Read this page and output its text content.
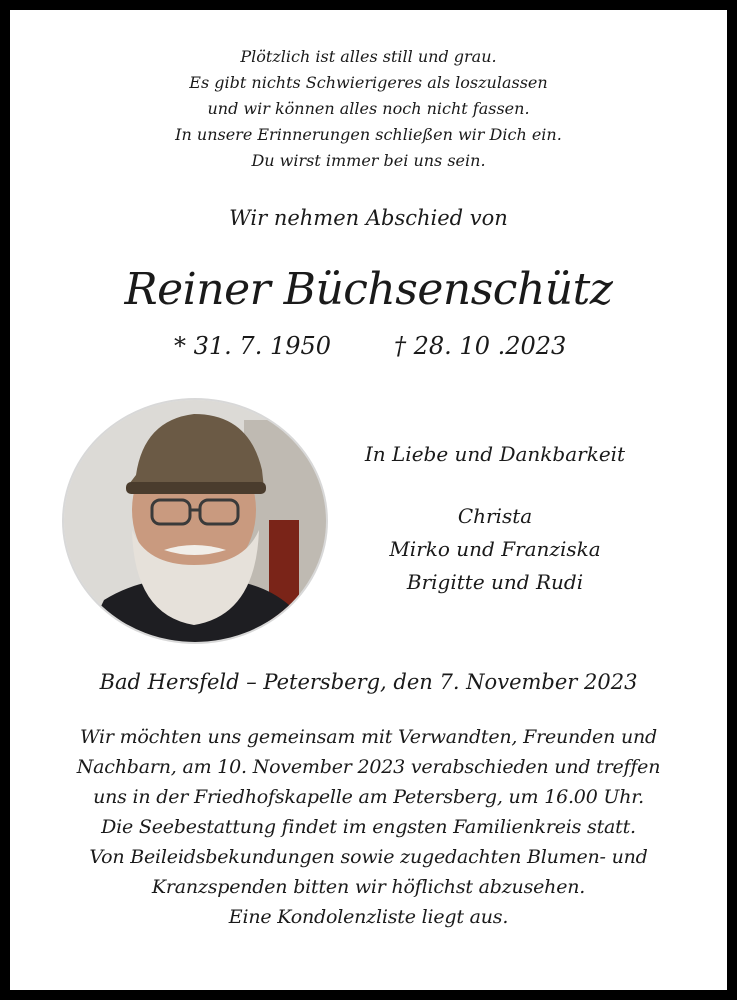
Plötzlich ist alles still und grau.
Es gibt nichts Schwierigeres als loszulassen
und wir können alles noch nicht fassen.
In unsere Erinnerungen schließen wir Dich ein.
Du wirst immer bei uns sein.
Wir nehmen Abschied von
Reiner Büchsenschütz
* 31. 7. 1950	† 28. 10 .2023
In Liebe und Dankbarkeit
Christa
Mirko und Franziska
Brigitte und Rudi
Bad Hersfeld – Petersberg, den 7. November 2023
Wir möchten uns gemeinsam mit Verwandten, Freunden und
Nachbarn, am 10. November 2023 verabschieden und treffen
uns in der Friedhofskapelle am Petersberg, um 16.00 Uhr.
Die Seebestattung findet im engsten Familienkreis statt.
Von Beileidsbekundungen sowie zugedachten Blumen- und
Kranzspenden bitten wir höflichst abzusehen.
Eine Kondolenzliste liegt aus.
